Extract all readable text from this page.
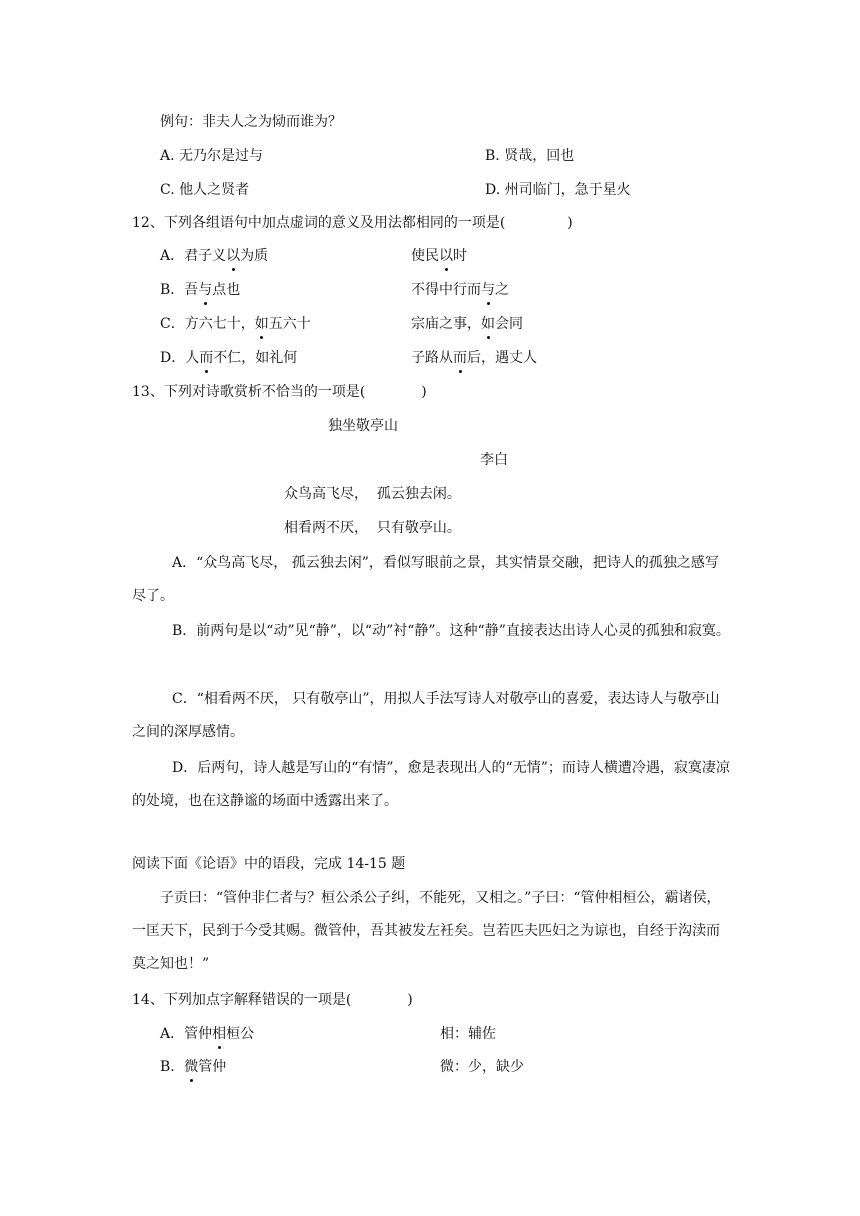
例句：非夫人之为恸而谁为？
A. 无乃尔是过与	B. 贤哉，回也
C. 他人之贤者	D. 州司临门，急于星火
12、下列各组语句中加点虚词的意义及用法都相同的一项是(	)
A．君子义以为质	使民以时
B．吾与点也	不得中行而与之
C．方六七十，如五六十	宗庙之事，如会同
D．人而不仁，如礼何	子路从而后，遇丈人
13、下列对诗歌赏析不恰当的一项是(	)
独坐敬亭山
李白
众鸟高飞尽，  孤云独去闲。
相看两不厌，  只有敬亭山。
A．“众鸟高飞尽， 孤云独去闲”，看似写眼前之景，其实情景交融，把诗人的孤独之感写尽了。
B．前两句是以“动”见“静”，以“动”衬“静”。这种“静”直接表达出诗人心灵的孤独和寂寞。
C．“相看两不厌， 只有敬亭山”，用拟人手法写诗人对敬亭山的喜爱，表达诗人与敬亭山之间的深厚感情。
D．后两句，诗人越是写山的“有情”，愈是表现出人的“无情”；而诗人横遭冷遇，寂寞凄凉的处境，也在这静谧的场面中透露出来了。
阅读下面《论语》中的语段，完成 14-15 题
子贡曰：“管仲非仁者与？桓公杀公子纠，不能死，又相之。”子曰：“管仲相桓公，霸诸侯，一匡天下，民到于今受其赐。微管仲，吾其被发左衽矣。岂若匹夫匹妇之为谅也，自经于沟渎而莫之知也！”
14、下列加点字解释错误的一项是(	)
A．管仲相桓公	相：辅佐
B．微管仲	微：少，缺少
